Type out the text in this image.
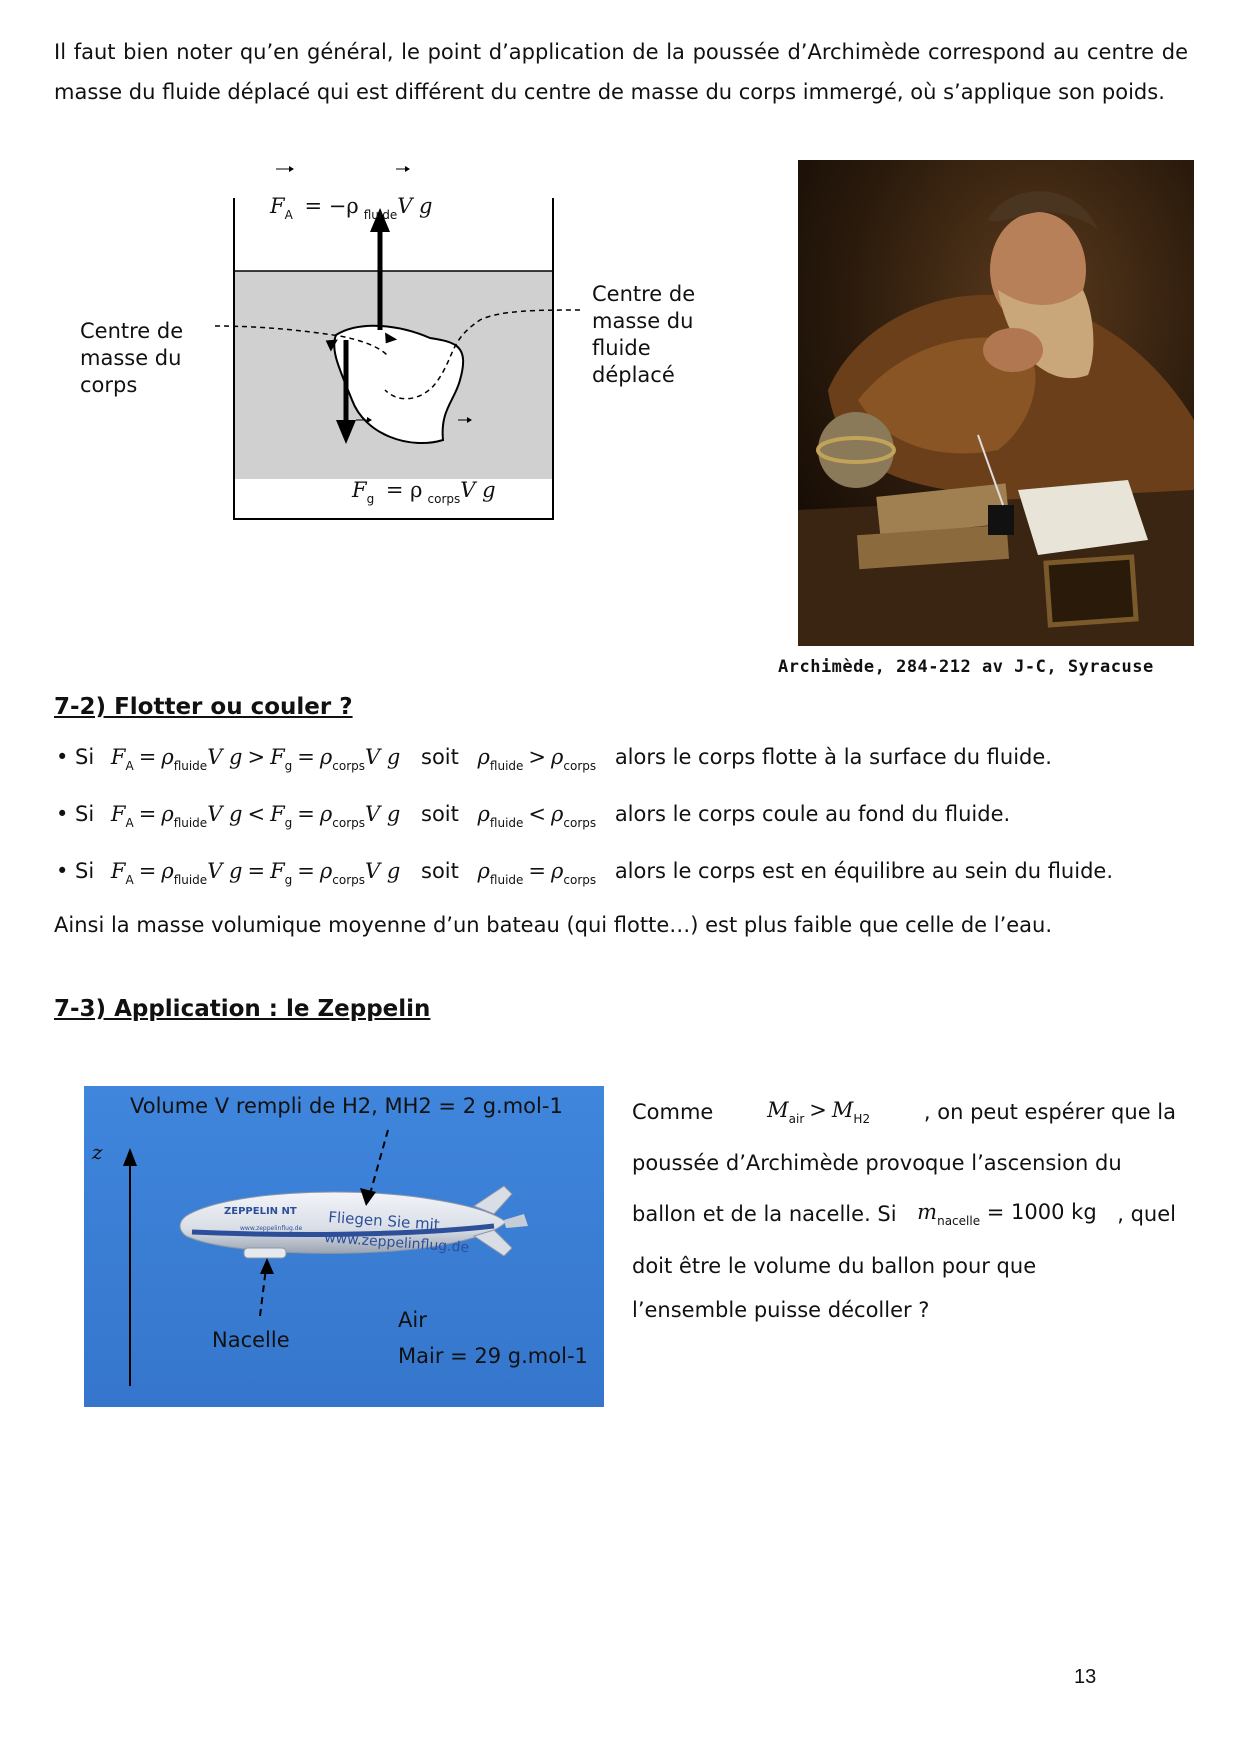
Il faut bien noter qu’en général, le point d’application de la poussée d’Archimède correspond au centre de masse du fluide déplacé qui est différent du centre de masse du corps immergé, où s’applique son poids.
$F_A = -\rho$ $_{fluide}$V g
$F_g = \rho$ $_{corps}$V g
Centre de
masse du
corps
Centre de
masse du
fluide
déplacé
Archimède, 284-212 av J-C, Syracuse
7-2) Flotter ou couler ?
• Si $F_A = \rho_{fluide}V$ $g > F_g = \rho_{corps}V$ g soit $\rho_{fluide} > \rho_{corps}$ alors le corps flotte à la surface du fluide.
• Si $F_A = \rho_{fluide}V$ $g < F_g = \rho_{corps}V$ g soit $\rho_{fluide} < \rho_{corps}$ alors le corps coule au fond du fluide.
• Si $F_A = \rho_{fluide}V$ $g = F_g = \rho_{corps}V$ g soit $\rho_{fluide} = \rho_{corps}$ alors le corps est en équilibre au sein du fluide.
Ainsi la masse volumique moyenne d’un bateau (qui flotte…) est plus faible que celle de l’eau.
7-3) Application : le Zeppelin
ZEPPELIN NT Fliegen Sie mit
www.zeppelinflug.de
www.zeppelinflug.de
Volume V rempli de H2, MH2 = 2 g.mol-1
z
Nacelle
Air
Mair = 29 g.mol-1
Comme	$M_{air} > M_{H2}$	, on peut espérer que la
poussée d’Archimède provoque l’ascension du
ballon et de la nacelle. Si $m_{nacelle} = 1000$ kg , quel
doit être le volume du ballon pour que
l’ensemble puisse décoller ?
13
